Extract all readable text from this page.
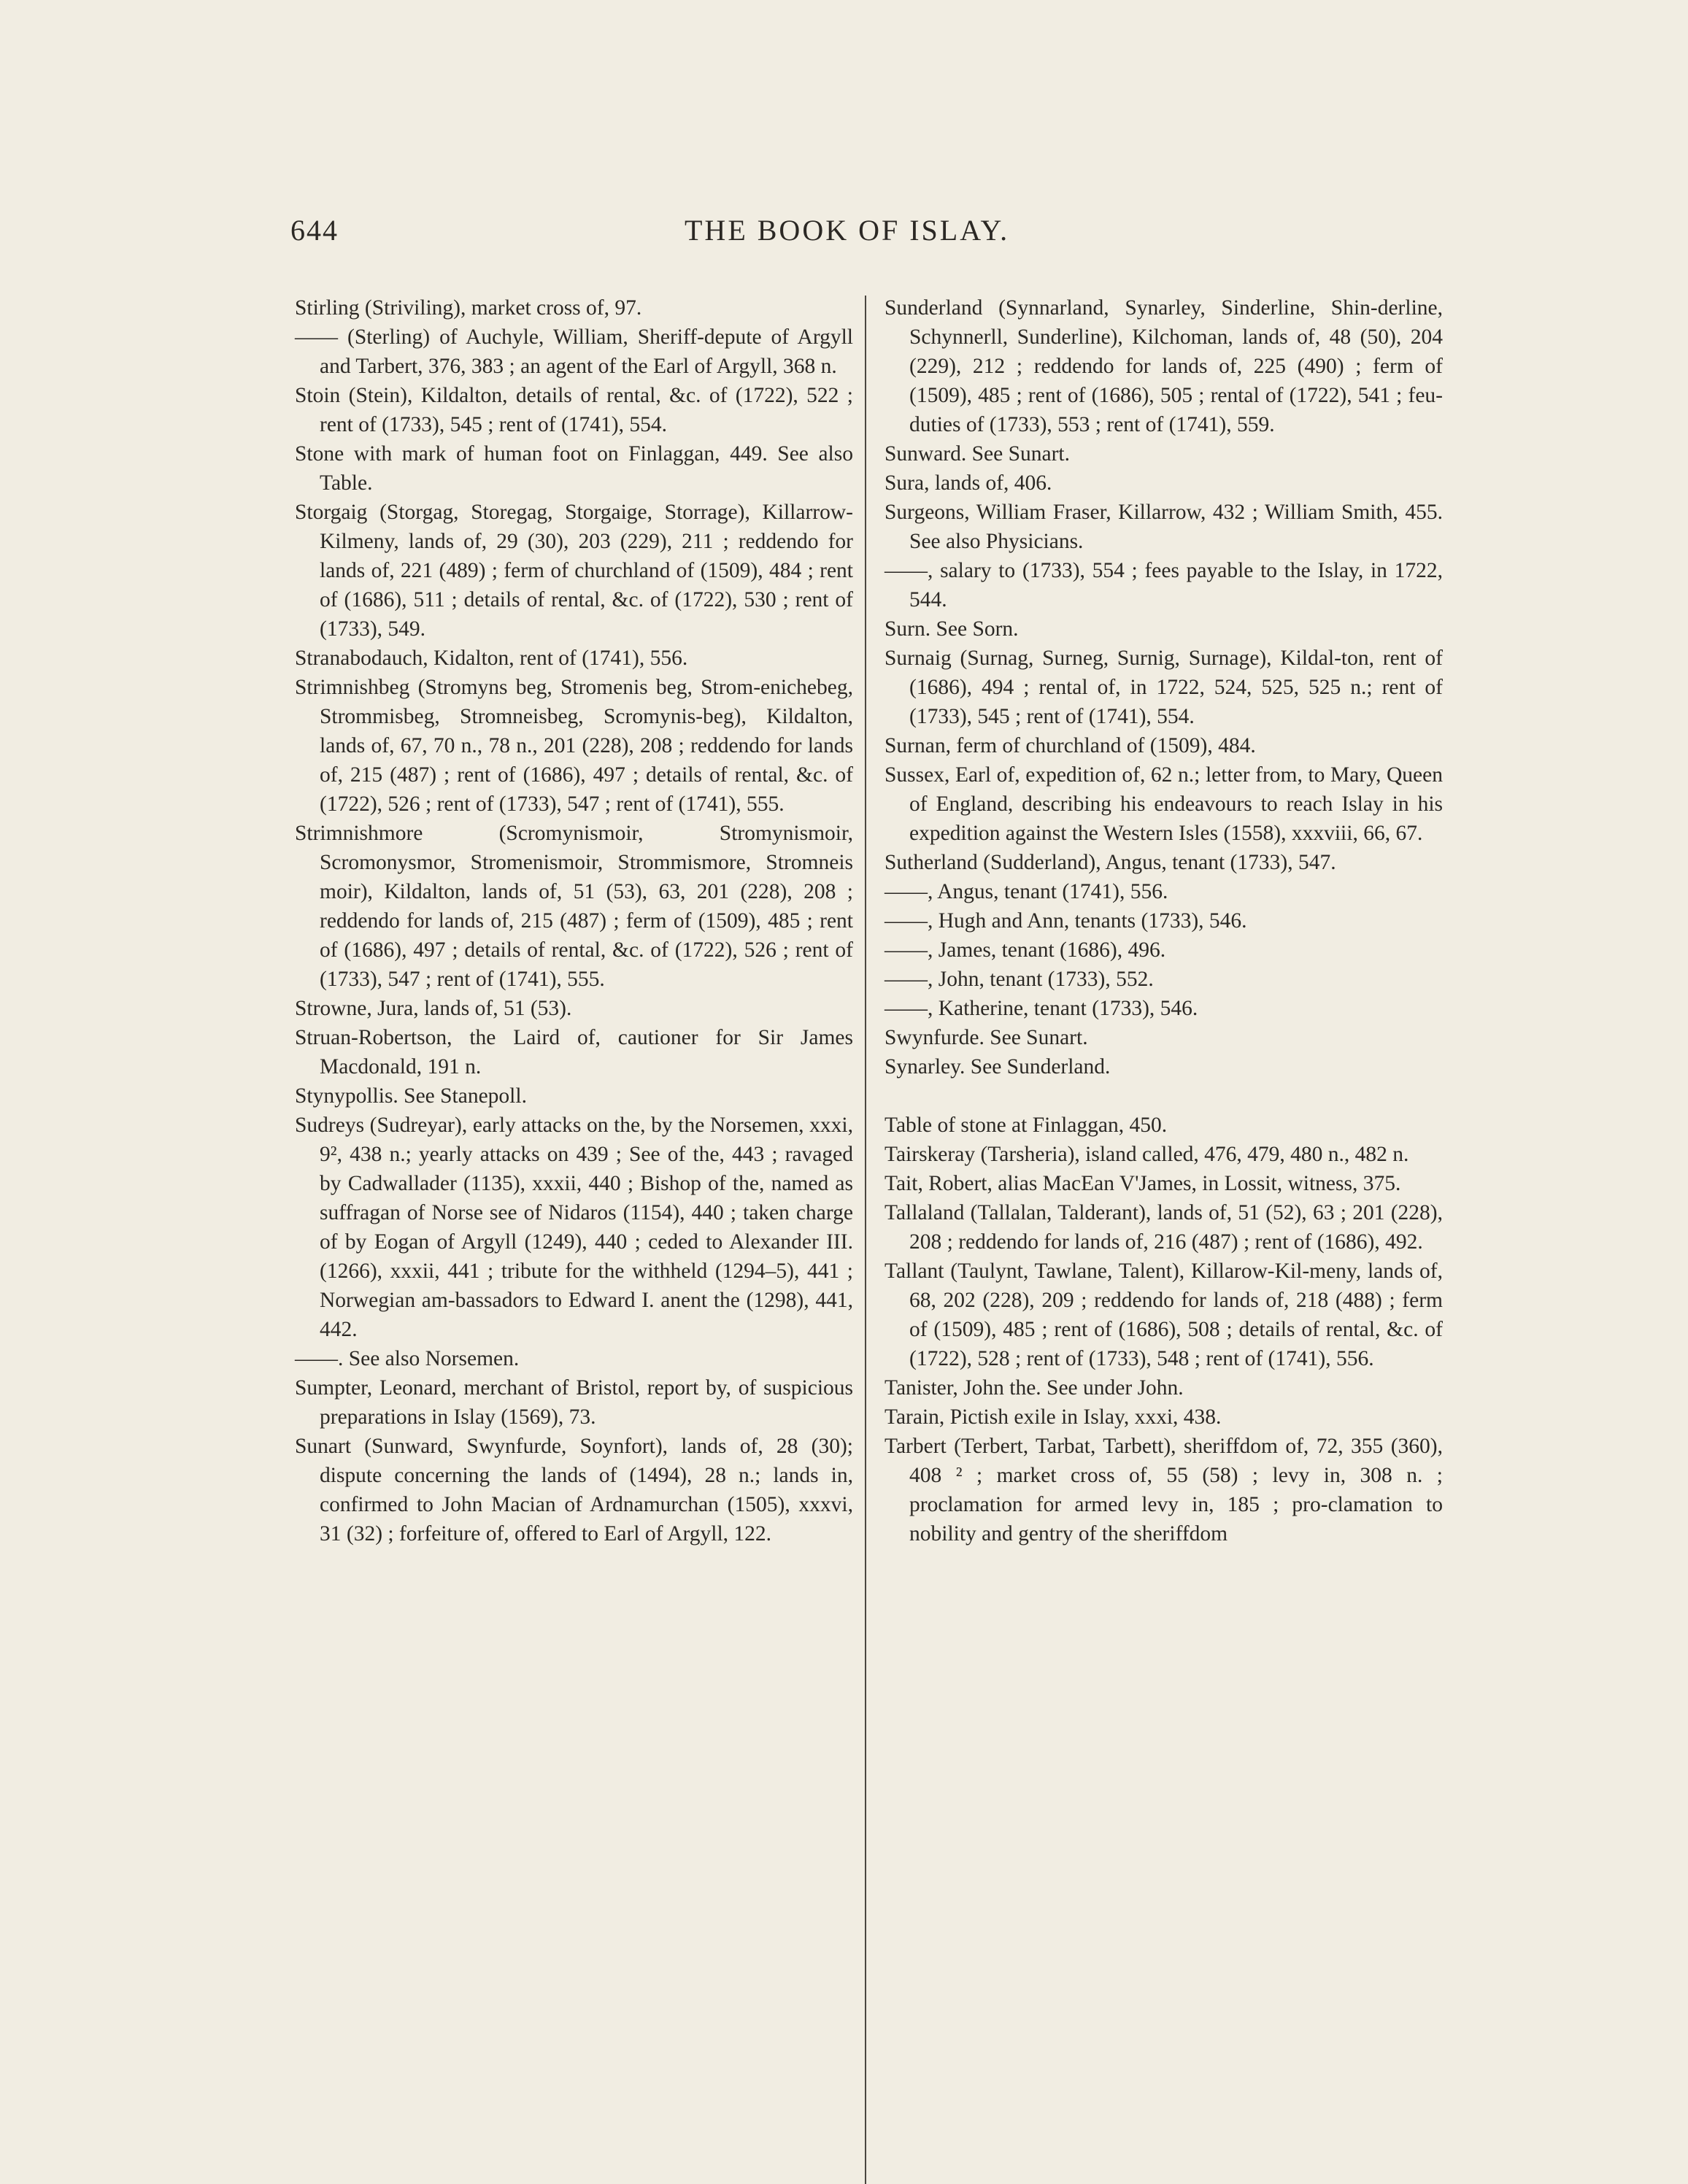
644	THE BOOK OF ISLAY.

Stirling (Striviling), market cross of, 97.

—— (Sterling) of Auchyle, William, Sheriff-depute of Argyll and Tarbert, 376, 383 ; an agent of the Earl of Argyll, 368 n.

Stoin (Stein), Kildalton, details of rental, &c. of (1722), 522 ; rent of (1733), 545 ; rent of (1741), 554.

Stone with mark of human foot on Finlaggan, 449. See also Table.

Storgaig (Storgag, Storegag, Storgaige, Storrage), Killarrow-Kilmeny, lands of, 29 (30), 203 (229), 211 ; reddendo for lands of, 221 (489) ; ferm of churchland of (1509), 484 ; rent of (1686), 511 ; details of rental, &c. of (1722), 530 ; rent of (1733), 549.

Stranabodauch, Kidalton, rent of (1741), 556.

Strimnishbeg (Stromyns beg, Stromenis beg, Strom-enichebeg, Strommisbeg, Stromneisbeg, Scromynis-beg), Kildalton, lands of, 67, 70 n., 78 n., 201 (228), 208 ; reddendo for lands of, 215 (487) ; rent of (1686), 497 ; details of rental, &c. of (1722), 526 ; rent of (1733), 547 ; rent of (1741), 555.

Strimnishmore (Scromynismoir, Stromynismoir, Scromonysmor, Stromenismoir, Strommismore, Stromneis moir), Kildalton, lands of, 51 (53), 63, 201 (228), 208 ; reddendo for lands of, 215 (487) ; ferm of (1509), 485 ; rent of (1686), 497 ; details of rental, &c. of (1722), 526 ; rent of (1733), 547 ; rent of (1741), 555.

Strowne, Jura, lands of, 51 (53).

Struan-Robertson, the Laird of, cautioner for Sir James Macdonald, 191 n.

Stynypollis. See Stanepoll.

Sudreys (Sudreyar), early attacks on the, by the Norsemen, xxxi, 9², 438 n.; yearly attacks on 439 ; See of the, 443 ; ravaged by Cadwallader (1135), xxxii, 440 ; Bishop of the, named as suffragan of Norse see of Nidaros (1154), 440 ; taken charge of by Eogan of Argyll (1249), 440 ; ceded to Alexander III. (1266), xxxii, 441 ; tribute for the withheld (1294–5), 441 ; Norwegian am-bassadors to Edward I. anent the (1298), 441, 442.

——. See also Norsemen.

Sumpter, Leonard, merchant of Bristol, report by, of suspicious preparations in Islay (1569), 73.

Sunart (Sunward, Swynfurde, Soynfort), lands of, 28 (30); dispute concerning the lands of (1494), 28 n.; lands in, confirmed to John Macian of Ardnamurchan (1505), xxxvi, 31 (32) ; forfeiture of, offered to Earl of Argyll, 122.

Sunderland (Synnarland, Synarley, Sinderline, Shin-derline, Schynnerll, Sunderline), Kilchoman, lands of, 48 (50), 204 (229), 212 ; reddendo for lands of, 225 (490) ; ferm of (1509), 485 ; rent of (1686), 505 ; rental of (1722), 541 ; feu-duties of (1733), 553 ; rent of (1741), 559.

Sunward. See Sunart.

Sura, lands of, 406.

Surgeons, William Fraser, Killarrow, 432 ; William Smith, 455. See also Physicians.

——, salary to (1733), 554 ; fees payable to the Islay, in 1722, 544.

Surn. See Sorn.

Surnaig (Surnag, Surneg, Surnig, Surnage), Kildal-ton, rent of (1686), 494 ; rental of, in 1722, 524, 525, 525 n.; rent of (1733), 545 ; rent of (1741), 554.

Surnan, ferm of churchland of (1509), 484.

Sussex, Earl of, expedition of, 62 n.; letter from, to Mary, Queen of England, describing his endeavours to reach Islay in his expedition against the Western Isles (1558), xxxviii, 66, 67.

Sutherland (Sudderland), Angus, tenant (1733), 547.

——, Angus, tenant (1741), 556.

——, Hugh and Ann, tenants (1733), 546.

——, James, tenant (1686), 496.

——, John, tenant (1733), 552.

——, Katherine, tenant (1733), 546.

Swynfurde. See Sunart.

Synarley. See Sunderland.

Table of stone at Finlaggan, 450.

Tairskeray (Tarsheria), island called, 476, 479, 480 n., 482 n.

Tait, Robert, alias MacEan V'James, in Lossit, witness, 375.

Tallaland (Tallalan, Talderant), lands of, 51 (52), 63 ; 201 (228), 208 ; reddendo for lands of, 216 (487) ; rent of (1686), 492.

Tallant (Taulynt, Tawlane, Talent), Killarow-Kil-meny, lands of, 68, 202 (228), 209 ; reddendo for lands of, 218 (488) ; ferm of (1509), 485 ; rent of (1686), 508 ; details of rental, &c. of (1722), 528 ; rent of (1733), 548 ; rent of (1741), 556.

Tanister, John the. See under John.

Tarain, Pictish exile in Islay, xxxi, 438.

Tarbert (Terbert, Tarbat, Tarbett), sheriffdom of, 72, 355 (360), 408 ² ; market cross of, 55 (58) ; levy in, 308 n. ; proclamation for armed levy in, 185 ; pro-clamation to nobility and gentry of the sheriffdom
